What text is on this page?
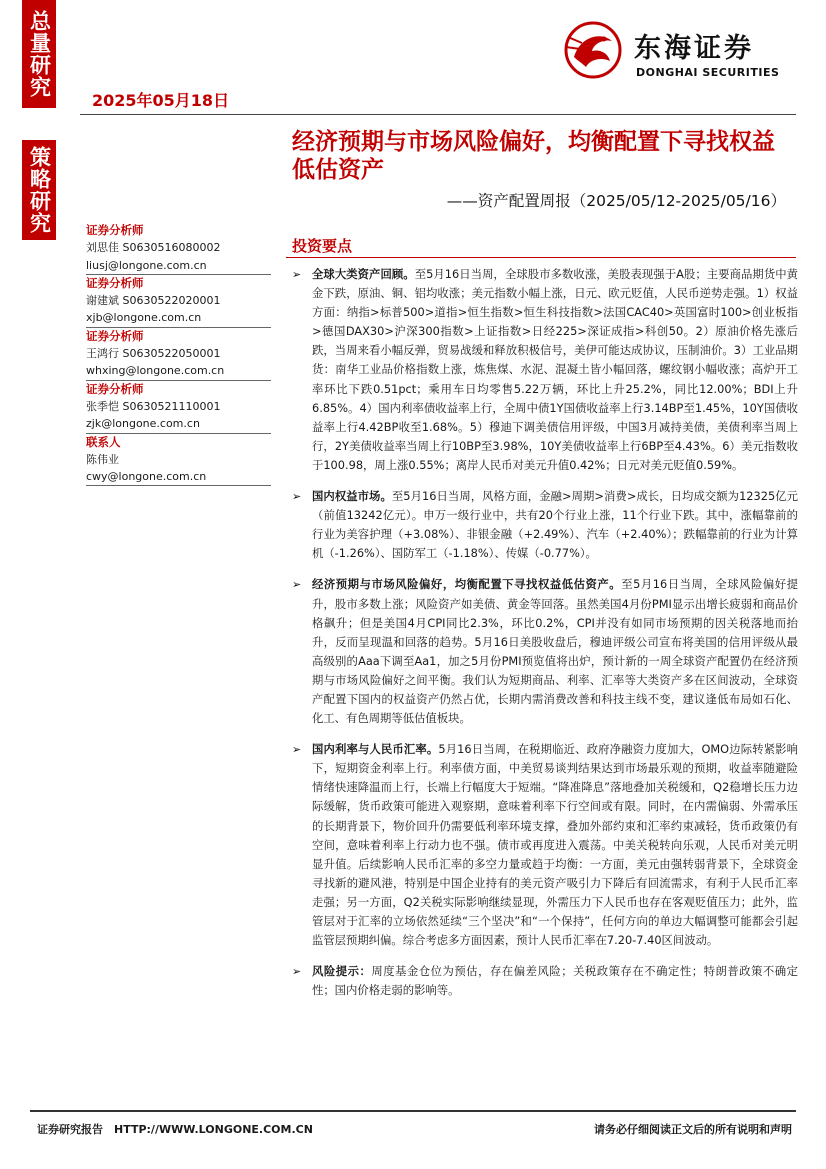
总量研究
策略研究
2025年05月18日
东海证券
DONGHAI SECURITIES
经济预期与市场风险偏好，均衡配置下寻找权益低估资产
——资产配置周报（2025/05/12-2025/05/16）
证券分析师
刘思佳 S0630516080002
liusj@longone.com.cn
证券分析师
谢建斌 S0630522020001
xjb@longone.com.cn
证券分析师
王鸿行 S0630522050001
whxing@longone.com.cn
证券分析师
张季恺 S0630521110001
zjk@longone.com.cn
联系人
陈伟业
cwy@longone.com.cn
投资要点
➢ 全球大类资产回顾。至5月16日当周，全球股市多数收涨，美股表现强于A股；主要商品期货中黄金下跌，原油、铜、铝均收涨；美元指数小幅上涨，日元、欧元贬值，人民币逆势走强。1）权益方面：纳指>标普500>道指>恒生指数>恒生科技指数>法国CAC40>英国富时100>创业板指>德国DAX30>沪深300指数>上证指数>日经225>深证成指>科创50。2）原油价格先涨后跌，当周来看小幅反弹，贸易战缓和释放积极信号，美伊可能达成协议，压制油价。3）工业品期货：南华工业品价格指数上涨，炼焦煤、水泥、混凝土皆小幅回落，螺纹钢小幅收涨；高炉开工率环比下跌0.51pct；乘用车日均零售5.22万辆，环比上升25.2%，同比12.00%；BDI上升6.85%。4）国内利率债收益率上行，全周中债1Y国债收益率上行3.14BP至1.45%，10Y国债收益率上行4.42BP收至1.68%。5）穆迪下调美债信用评级，中国3月减持美债，美债利率当周上行，2Y美债收益率当周上行10BP至3.98%，10Y美债收益率上行6BP至4.43%。6）美元指数收于100.98，周上涨0.55%；离岸人民币对美元升值0.42%；日元对美元贬值0.59%。
➢ 国内权益市场。至5月16日当周，风格方面，金融>周期>消费>成长，日均成交额为12325亿元（前值13242亿元）。申万一级行业中，共有20个行业上涨，11个行业下跌。其中，涨幅靠前的行业为美容护理（+3.08%）、非银金融（+2.49%）、汽车（+2.40%）；跌幅靠前的行业为计算机（-1.26%）、国防军工（-1.18%）、传媒（-0.77%）。
➢ 经济预期与市场风险偏好，均衡配置下寻找权益低估资产。至5月16日当周，全球风险偏好提升，股市多数上涨；风险资产如美债、黄金等回落。虽然美国4月份PMI显示出增长疲弱和商品价格飙升；但是美国4月CPI同比2.3%，环比0.2%，CPI并没有如同市场预期的因关税落地而抬升，反而呈现温和回落的趋势。5月16日美股收盘后，穆迪评级公司宣布将美国的信用评级从最高级别的Aaa下调至Aa1，加之5月份PMI预览值将出炉，预计新的一周全球资产配置仍在经济预期与市场风险偏好之间平衡。我们认为短期商品、利率、汇率等大类资产多在区间波动，全球资产配置下国内的权益资产仍然占优，长期内需消费改善和科技主线不变，建议逢低布局如石化、化工、有色周期等低估值板块。
➢ 国内利率与人民币汇率。5月16日当周，在税期临近、政府净融资力度加大，OMO边际转紧影响下，短期资金利率上行。利率债方面，中美贸易谈判结果达到市场最乐观的预期，收益率随避险情绪快速降温而上行，长端上行幅度大于短端。“降准降息”落地叠加关税缓和，Q2稳增长压力边际缓解，货币政策可能进入观察期，意味着利率下行空间或有限。同时，在内需偏弱、外需承压的长期背景下，物价回升仍需要低利率环境支撑，叠加外部约束和汇率约束减轻，货币政策仍有空间，意味着利率上行动力也不强。债市或再度进入震荡。中美关税转向乐观，人民币对美元明显升值。后续影响人民币汇率的多空力量或趋于均衡：一方面，美元由强转弱背景下，全球资金寻找新的避风港，特别是中国企业持有的美元资产吸引力下降后有回流需求，有利于人民币汇率走强；另一方面，Q2关税实际影响继续显现，外需压力下人民币也存在客观贬值压力；此外，监管层对于汇率的立场依然延续“三个坚决”和“一个保持”，任何方向的单边大幅调整可能都会引起监管层预期纠偏。综合考虑多方面因素，预计人民币汇率在7.20-7.40区间波动。
➢ 风险提示：周度基金仓位为预估，存在偏差风险；关税政策存在不确定性；特朗普政策不确定性；国内价格走弱的影响等。
证券研究报告　HTTP://WWW.LONGONE.COM.CN	请务必仔细阅读正文后的所有说明和声明
